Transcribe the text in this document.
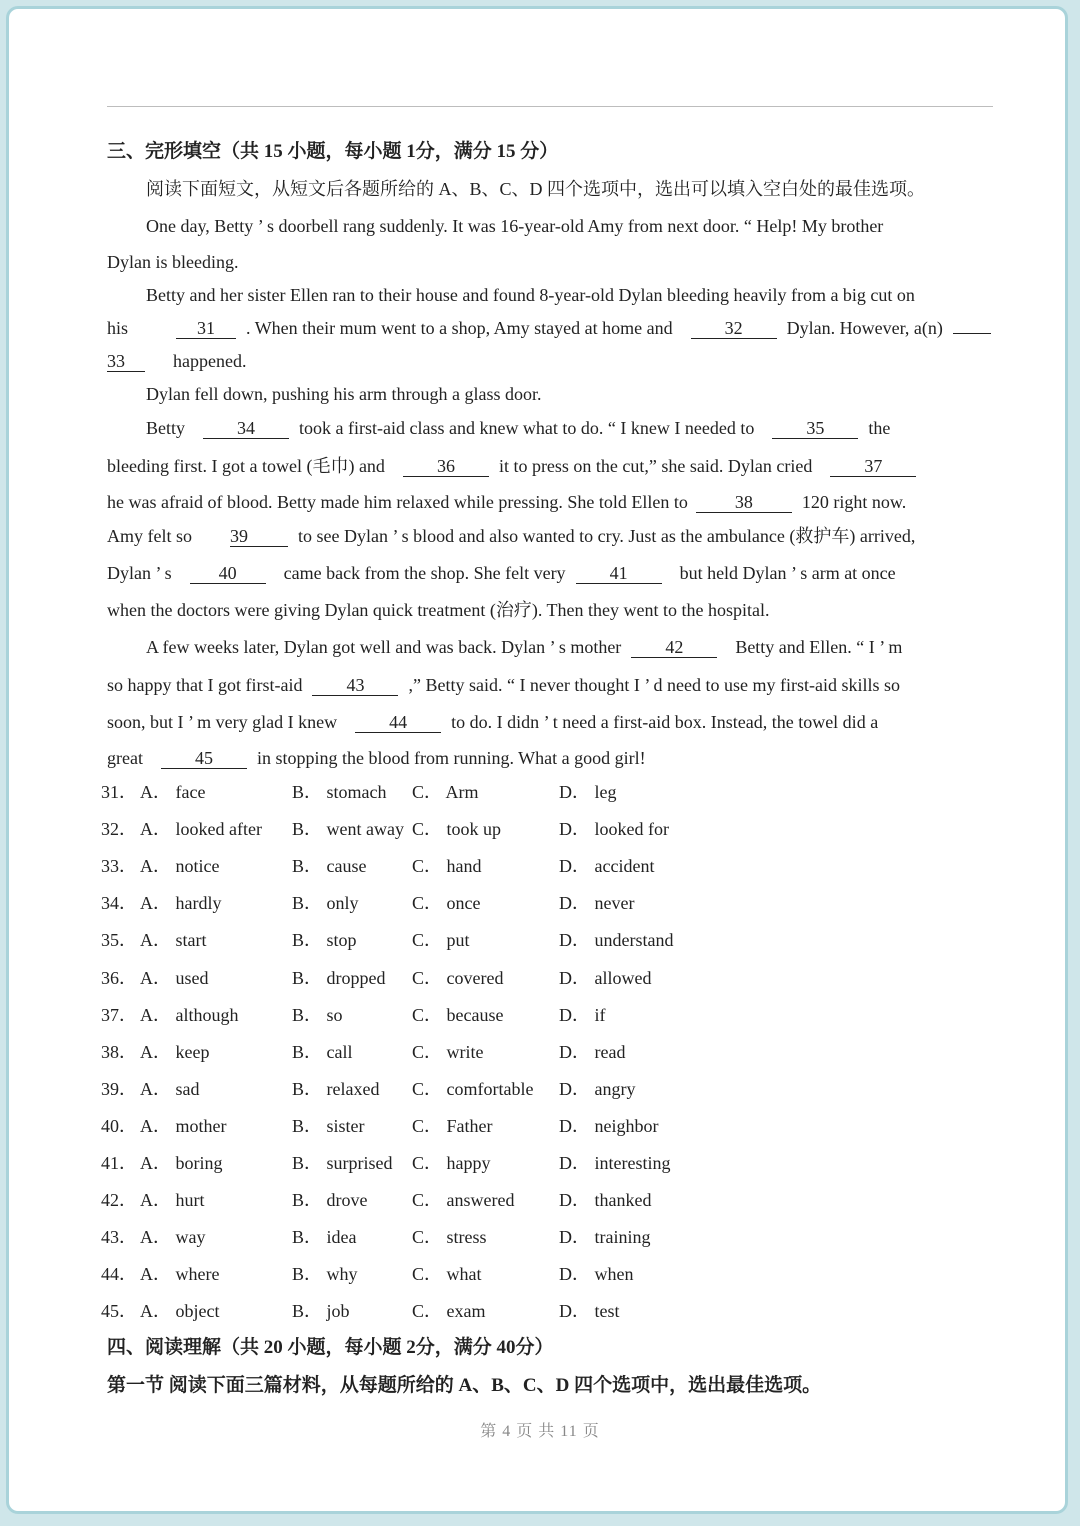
三、完形填空（共 15 小题，每小题 1分，满分 15 分）
阅读下面短文，从短文后各题所给的 A、B、C、D 四个选项中，选出可以填入空白处的最佳选项。
One day, Betty ’ s doorbell rang suddenly. It was 16-year-old Amy from next door. “ Help! My brother
Dylan is bleeding.
Betty and her sister Ellen ran to their house and found 8-year-old Dylan bleeding heavily from a big cut on
his	31 . When their mum went to a shop, Amy stayed at home and	32 Dylan. However, a(n)
33	happened.
Dylan fell down, pushing his arm through a glass door.
Betty	34 took a first-aid class and knew what to do. “ I knew I needed to	35 the
bleeding first. I got a towel (毛巾) and	36 it to press on the cut,” she said. Dylan cried	37
he was afraid of blood. Betty made him relaxed while pressing. She told Ellen to	38	120 right now.
Amy felt so 39	to see Dylan ’ s blood and also wanted to cry. Just as the ambulance (救护车) arrived,
Dylan ’ s	40	came back from the shop. She felt very 41	but held Dylan ’ s arm at once
when the doctors were giving Dylan quick treatment (治疗). Then they went to the hospital.
A few weeks later, Dylan got well and was back. Dylan ’ s mother 42	Betty and Ellen. “ I ’ m
so happy that I got first-aid 43 ,” Betty said. “ I never thought I ’ d need to use my first-aid skills so
soon, but I ’ m very glad I knew	44 to do. I didn ’ t need a first-aid box. Instead, the towel did a
great	45 in stopping the blood from running. What a good girl!
31． A． face	B． stomach C． Arm	D． leg
32． A． looked after B． went away C． took up	D． looked for
33． A． notice	B． cause	C． hand	D． accident
34． A． hardly	B． only	C． once	D． never
35． A． start	B． stop	C． put	D． understand
36． A． used	B． dropped C． covered	D． allowed
37． A． although	B． so	C． because	D． if
38． A． keep	B． call	C． write	D． read
39． A． sad	B． relaxed C． comfortable D． angry
40． A． mother	B． sister	C． Father	D． neighbor
41． A． boring	B． surprised C． happy	D． interesting
42． A． hurt	B． drove C． answered D． thanked
43． A． way	B． idea	C． stress	D． training
44． A． where	B． why	C． what	D． when
45． A． object	B． job	C． exam	D． test
四、阅读理解（共 20 小题，每小题 2分，满分 40分）
第一节 阅读下面三篇材料，从每题所给的 A、B、C、D 四个选项中，选出最佳选项。
第 4 页 共 11 页
